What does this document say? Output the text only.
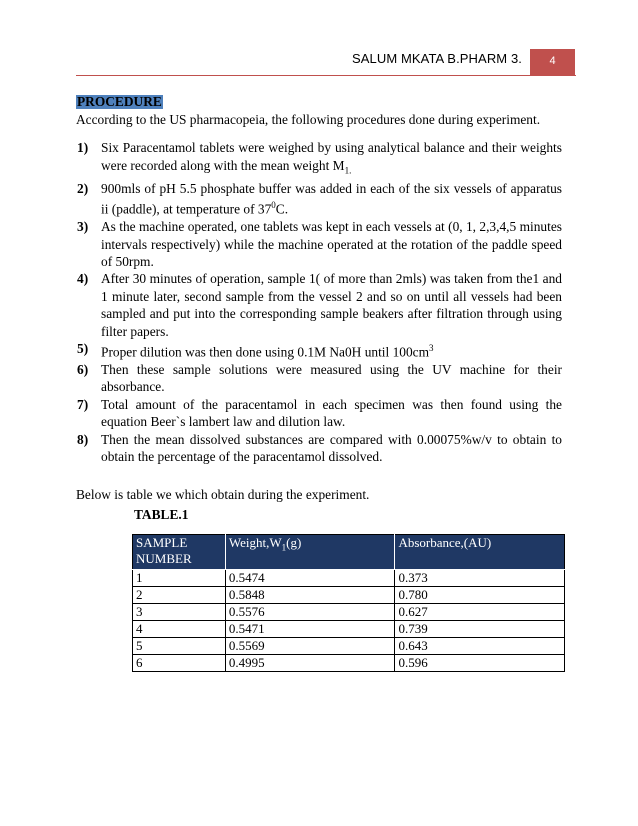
SALUM MKATA B.PHARM 3.	4
PROCEDURE

According to the US pharmacopeia, the following procedures done during experiment.

1) Six Paracentamol tablets were weighed by using analytical balance and their weights were recorded along with the mean weight $M_{1.}$
2) 900mls of pH 5.5 phosphate buffer was added in each of the six vessels of apparatus ii (paddle), at temperature of $37^0C$.
3) As the machine operated, one tablets was kept in each vessels at (0, 1, 2,3,4,5 minutes intervals respectively) while the machine operated at the rotation of the paddle speed of 50rpm.
4) After 30 minutes of operation, sample 1( of more than 2mls) was taken from the1 and 1 minute later, second sample from the vessel 2 and so on until all vessels had been sampled and put into the corresponding sample beakers after filtration through using filter papers.
5) Proper dilution was then done using 0.1M Na0H until $100cm^3$
6) Then these sample solutions were measured using the UV machine for their absorbance.
7) Total amount of the paracentamol in each specimen was then found using the equation Beer`s lambert law and dilution law.
8) Then the mean dissolved substances are compared with 0.00075%w/v to obtain to obtain the percentage of the paracentamol dissolved.

Below is table we which obtain during the experiment.

TABLE.1
SAMPLE NUMBER	$Weight,W_1(g)$	Absorbance,(AU)
1	0.5474	0.373
2	0.5848	0.780
3	0.5576	0.627
4	0.5471	0.739
5	0.5569	0.643
6	0.4995	0.596
